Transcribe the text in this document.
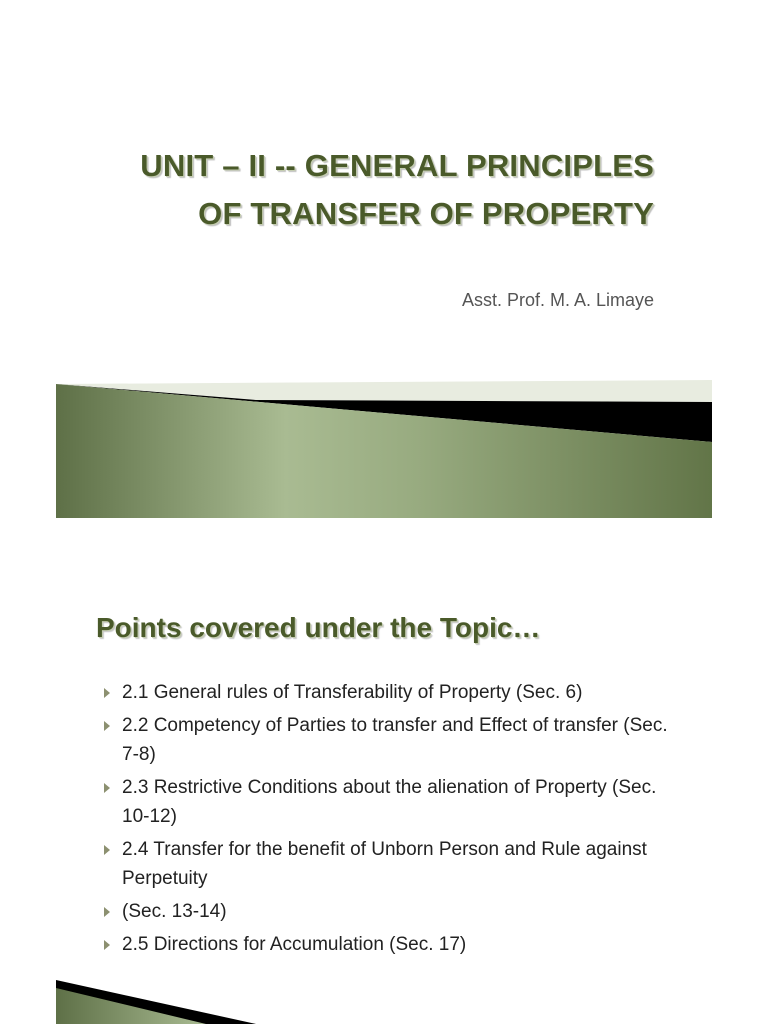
UNIT – II -- GENERAL PRINCIPLES
OF TRANSFER OF PROPERTY
Asst. Prof. M. A. Limaye
Points covered under the Topic…
2.1 General rules of Transferability of Property (Sec. 6)
2.2 Competency of Parties to transfer and Effect of transfer (Sec. 7-8)
2.3 Restrictive Conditions about the alienation of Property (Sec. 10-12)
2.4 Transfer for the benefit of Unborn Person and Rule against Perpetuity
(Sec. 13-14)
2.5 Directions for Accumulation (Sec. 17)
